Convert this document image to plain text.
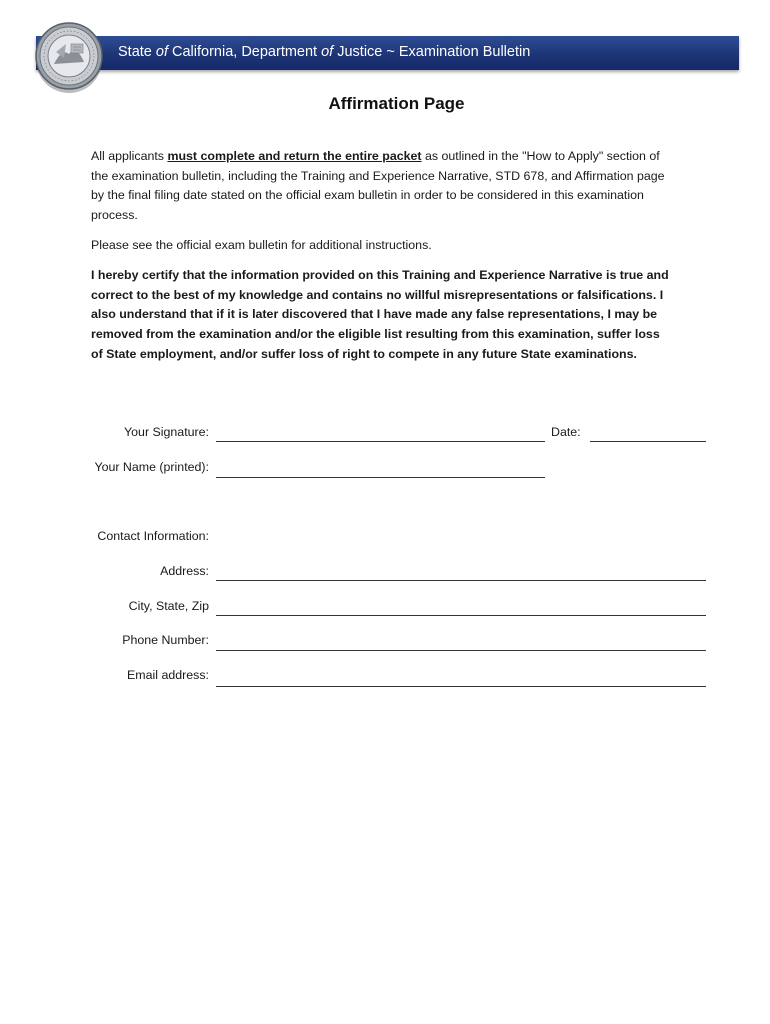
State of California, Department of Justice ~ Examination Bulletin
Affirmation Page

All applicants must complete and return the entire packet as outlined in the "How to Apply" section of the examination bulletin, including the Training and Experience Narrative, STD 678, and Affirmation page by the final filing date stated on the official exam bulletin in order to be considered in this examination process.

Please see the official exam bulletin for additional instructions.

I hereby certify that the information provided on this Training and Experience Narrative is true and correct to the best of my knowledge and contains no willful misrepresentations or falsifications. I also understand that if it is later discovered that I have made any false representations, I may be removed from the examination and/or the eligible list resulting from this examination, suffer loss of State employment, and/or suffer loss of right to compete in any future State examinations.

Your Signature:	Date:
Your Name (printed):
Contact Information:
Address:
City, State, Zip
Phone Number:
Email address:
